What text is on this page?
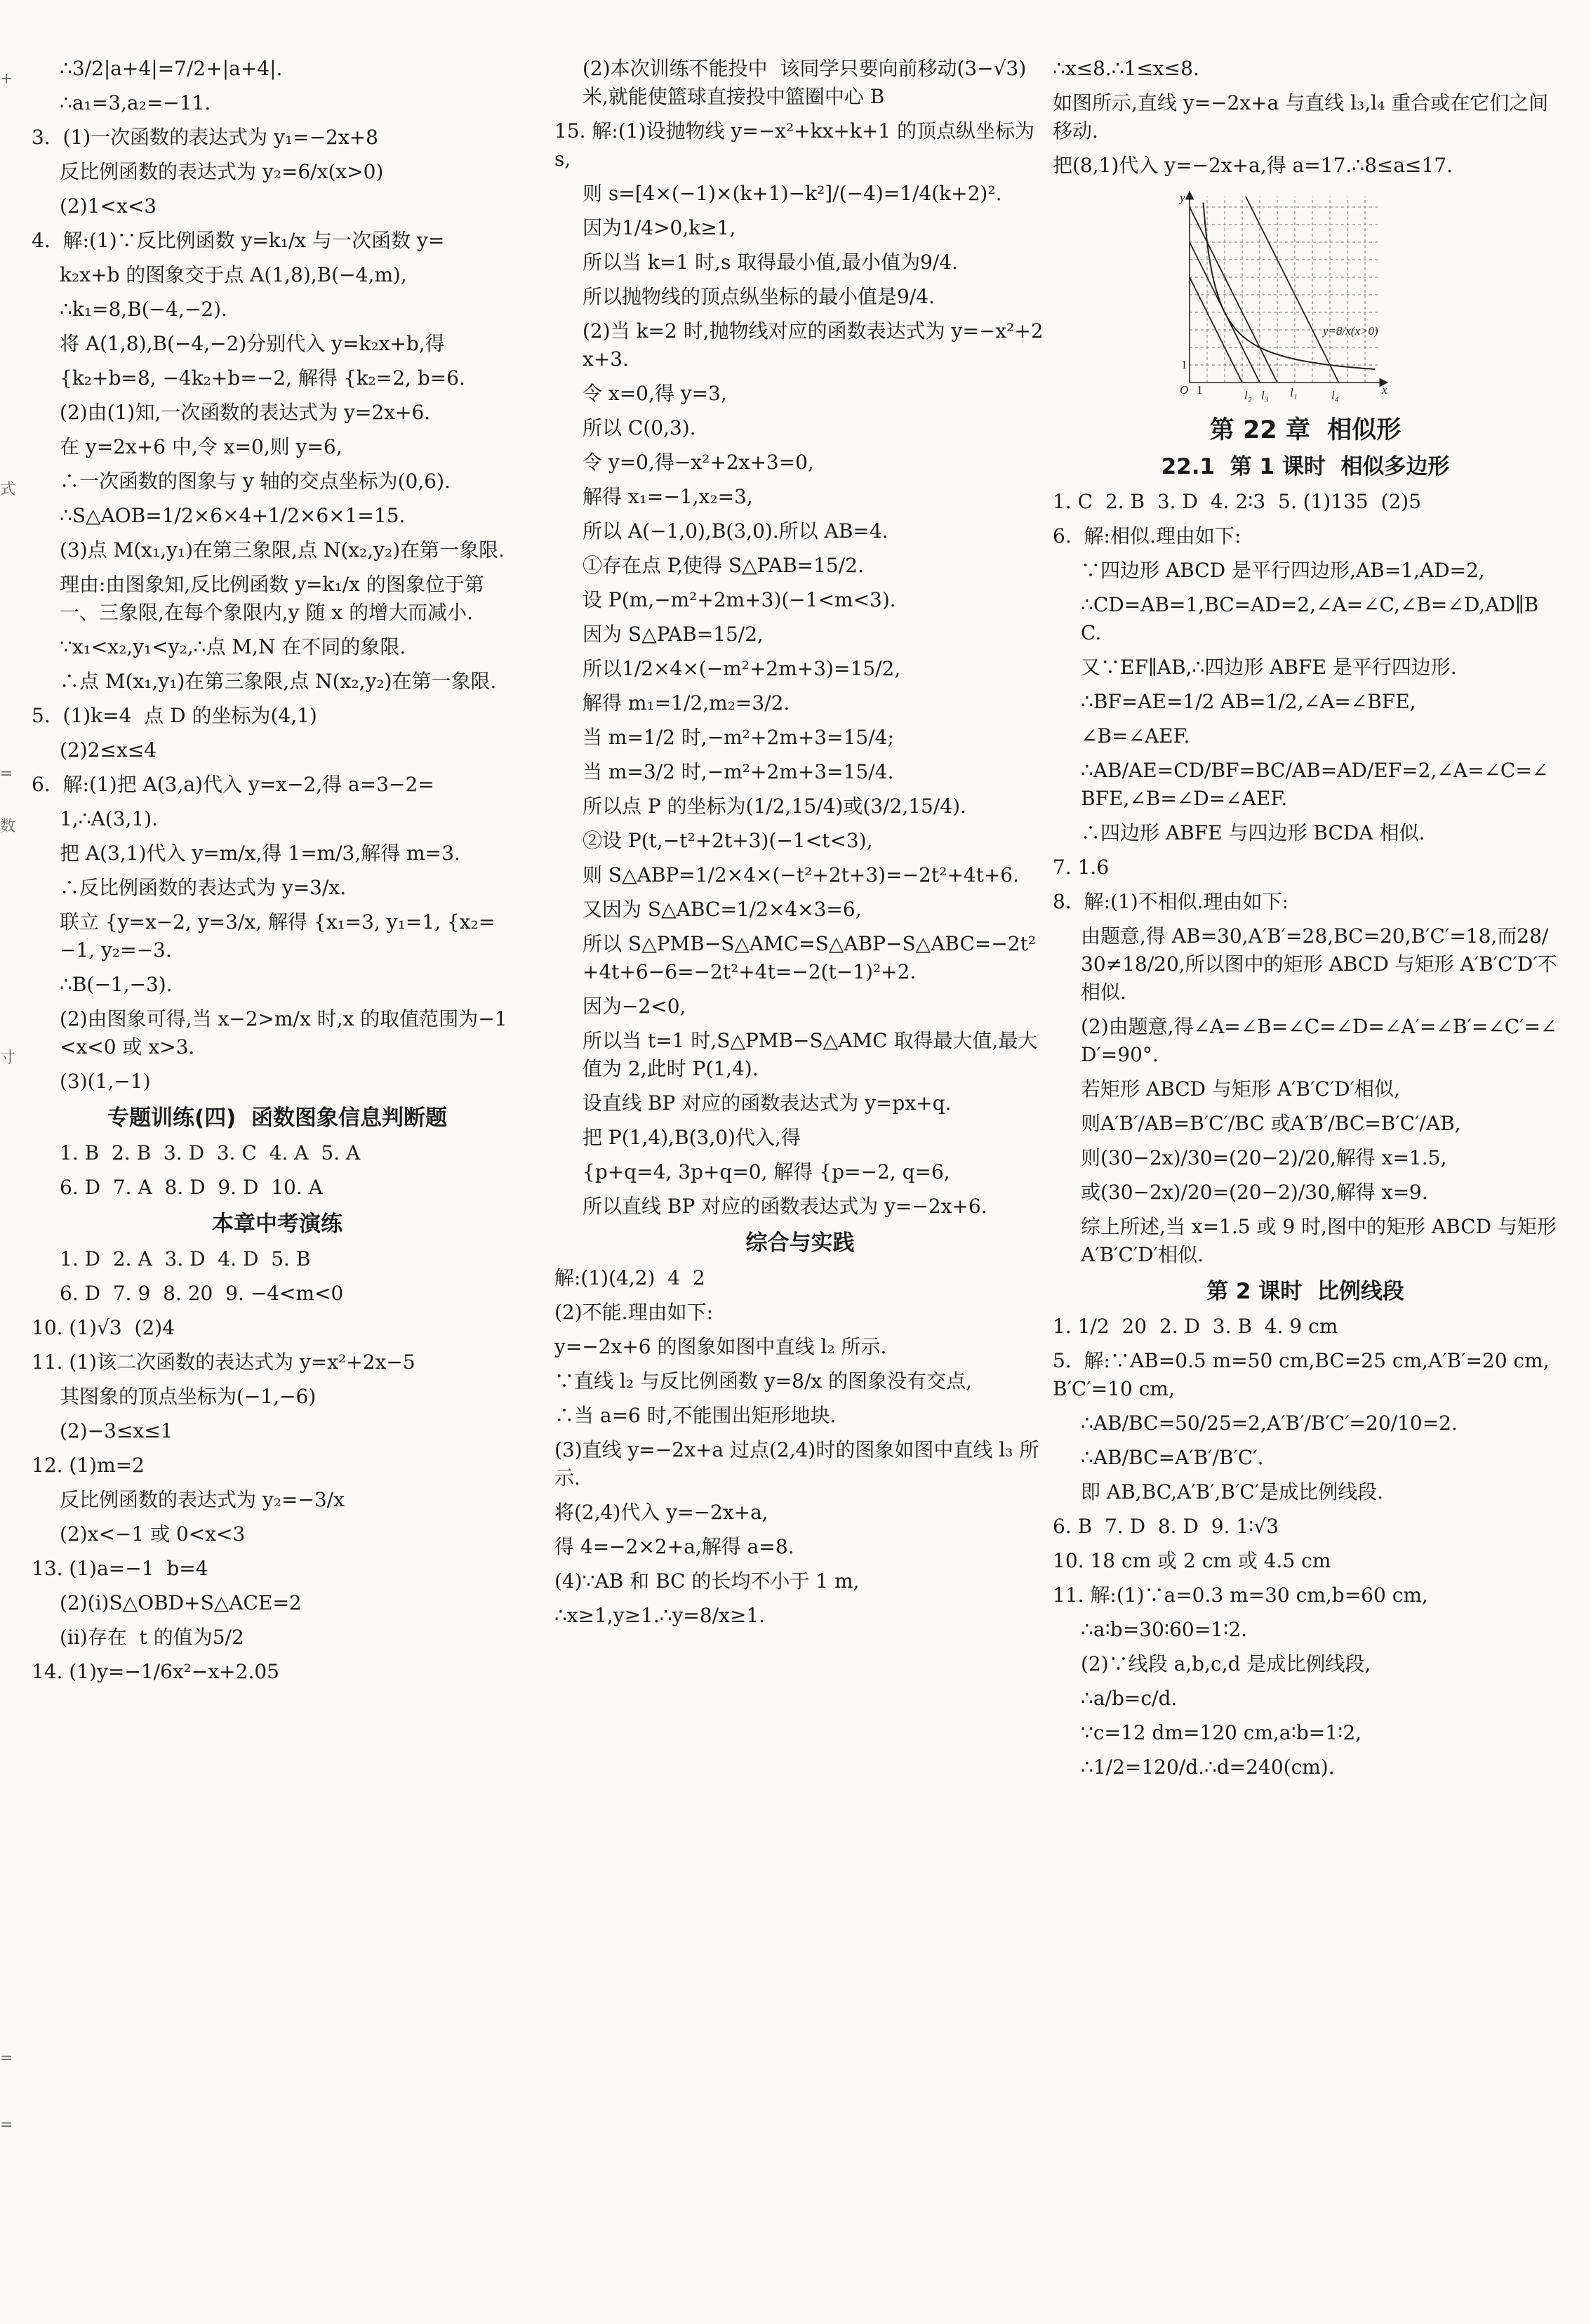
+
式
=
数
寸
=
=

∴3/2|a+4|=7/2+|a+4|.

∴a₁=3,a₂=−11.

3.  (1)一次函数的表达式为 y₁=−2x+8

反比例函数的表达式为 y₂=6/x(x>0)

(2)1<x<3

4.  解:(1)∵反比例函数 y=k₁/x 与一次函数 y=

k₂x+b 的图象交于点 A(1,8),B(−4,m),

∴k₁=8,B(−4,−2).

将 A(1,8),B(−4,−2)分别代入 y=k₂x+b,得

{k₂+b=8, −4k₂+b=−2, 解得 {k₂=2, b=6.

(2)由(1)知,一次函数的表达式为 y=2x+6.

在 y=2x+6 中,令 x=0,则 y=6,

∴一次函数的图象与 y 轴的交点坐标为(0,6).

∴S△AOB=1/2×6×4+1/2×6×1=15.

(3)点 M(x₁,y₁)在第三象限,点 N(x₂,y₂)在第一象限.

理由:由图象知,反比例函数 y=k₁/x 的图象位于第一、三象限,在每个象限内,y 随 x 的增大而减小.

∵x₁<x₂,y₁<y₂,∴点 M,N 在不同的象限.

∴点 M(x₁,y₁)在第三象限,点 N(x₂,y₂)在第一象限.

5.  (1)k=4  点 D 的坐标为(4,1)

(2)2≤x≤4

6.  解:(1)把 A(3,a)代入 y=x−2,得 a=3−2=

1,∴A(3,1).

把 A(3,1)代入 y=m/x,得 1=m/3,解得 m=3.

∴反比例函数的表达式为 y=3/x.

联立 {y=x−2, y=3/x, 解得 {x₁=3, y₁=1, {x₂=−1, y₂=−3.

∴B(−1,−3).

(2)由图象可得,当 x−2>m/x 时,x 的取值范围为−1<x<0 或 x>3.

(3)(1,−1)

专题训练(四)  函数图象信息判断题

1. B  2. B  3. D  3. C  4. A  5. A

6. D  7. A  8. D  9. D  10. A

本章中考演练

1. D  2. A  3. D  4. D  5. B

6. D  7. 9  8. 20  9. −4<m<0

10. (1)√3  (2)4

11. (1)该二次函数的表达式为 y=x²+2x−5

其图象的顶点坐标为(−1,−6)

(2)−3≤x≤1

12. (1)m=2

反比例函数的表达式为 y₂=−3/x

(2)x<−1 或 0<x<3

13. (1)a=−1  b=4

(2)(i)S△OBD+S△ACE=2

(ii)存在  t 的值为5/2

14. (1)y=−1/6x²−x+2.05

(2)本次训练不能投中  该同学只要向前移动(3−√3)米,就能使篮球直接投中篮圈中心 B

15. 解:(1)设抛物线 y=−x²+kx+k+1 的顶点纵坐标为 s,

则 s=[4×(−1)×(k+1)−k²]/(−4)=1/4(k+2)².

因为1/4>0,k≥1,

所以当 k=1 时,s 取得最小值,最小值为9/4.

所以抛物线的顶点纵坐标的最小值是9/4.

(2)当 k=2 时,抛物线对应的函数表达式为 y=−x²+2x+3.

令 x=0,得 y=3,

所以 C(0,3).

令 y=0,得−x²+2x+3=0,

解得 x₁=−1,x₂=3,

所以 A(−1,0),B(3,0).所以 AB=4.

①存在点 P,使得 S△PAB=15/2.

设 P(m,−m²+2m+3)(−1<m<3).

因为 S△PAB=15/2,

所以1/2×4×(−m²+2m+3)=15/2,

解得 m₁=1/2,m₂=3/2.

当 m=1/2 时,−m²+2m+3=15/4;

当 m=3/2 时,−m²+2m+3=15/4.

所以点 P 的坐标为(1/2,15/4)或(3/2,15/4).

②设 P(t,−t²+2t+3)(−1<t<3),

则 S△ABP=1/2×4×(−t²+2t+3)=−2t²+4t+6.

又因为 S△ABC=1/2×4×3=6,

所以 S△PMB−S△AMC=S△ABP−S△ABC=−2t²+4t+6−6=−2t²+4t=−2(t−1)²+2.

因为−2<0,

所以当 t=1 时,S△PMB−S△AMC 取得最大值,最大值为 2,此时 P(1,4).

设直线 BP 对应的函数表达式为 y=px+q.

把 P(1,4),B(3,0)代入,得

{p+q=4, 3p+q=0, 解得 {p=−2, q=6,

所以直线 BP 对应的函数表达式为 y=−2x+6.

综合与实践

解:(1)(4,2)  4  2

(2)不能.理由如下:

y=−2x+6 的图象如图中直线 l₂ 所示.

∵直线 l₂ 与反比例函数 y=8/x 的图象没有交点,

∴当 a=6 时,不能围出矩形地块.

(3)直线 y=−2x+a 过点(2,4)时的图象如图中直线 l₃ 所示.

将(2,4)代入 y=−2x+a,

得 4=−2×2+a,解得 a=8.

(4)∵AB 和 BC 的长均不小于 1 m,

∴x≥1,y≥1.∴y=8/x≥1.

∴x≤8.∴1≤x≤8.

如图所示,直线 y=−2x+a 与直线 l₃,l₄ 重合或在它们之间移动.

把(8,1)代入 y=−2x+a,得 a=17.∴8≤a≤17.

y
x
O
1
1
y=8/x(x>0)
l₂ l₃ l₁	l₄

第 22 章  相似形

22.1  第 1 课时  相似多边形

1. C  2. B  3. D  4. 2∶3  5. (1)135  (2)5

6.  解:相似.理由如下:

∵四边形 ABCD 是平行四边形,AB=1,AD=2,

∴CD=AB=1,BC=AD=2,∠A=∠C,∠B=∠D,AD∥BC.

又∵EF∥AB,∴四边形 ABFE 是平行四边形.

∴BF=AE=1/2 AB=1/2,∠A=∠BFE,

∠B=∠AEF.

∴AB/AE=CD/BF=BC/AB=AD/EF=2,∠A=∠C=∠BFE,∠B=∠D=∠AEF.

∴四边形 ABFE 与四边形 BCDA 相似.

7. 1.6

8.  解:(1)不相似.理由如下:

由题意,得 AB=30,A′B′=28,BC=20,B′C′=18,而28/30≠18/20,所以图中的矩形 ABCD 与矩形 A′B′C′D′不相似.

(2)由题意,得∠A=∠B=∠C=∠D=∠A′=∠B′=∠C′=∠D′=90°.

若矩形 ABCD 与矩形 A′B′C′D′相似,

则A′B′/AB=B′C′/BC 或A′B′/BC=B′C′/AB,

则(30−2x)/30=(20−2)/20,解得 x=1.5,

或(30−2x)/20=(20−2)/30,解得 x=9.

综上所述,当 x=1.5 或 9 时,图中的矩形 ABCD 与矩形 A′B′C′D′相似.

第 2 课时  比例线段

1. 1/2  20  2. D  3. B  4. 9 cm

5.  解:∵AB=0.5 m=50 cm,BC=25 cm,A′B′=20 cm,B′C′=10 cm,

∴AB/BC=50/25=2,A′B′/B′C′=20/10=2.

∴AB/BC=A′B′/B′C′.

即 AB,BC,A′B′,B′C′是成比例线段.

6. B  7. D  8. D  9. 1∶√3

10. 18 cm 或 2 cm 或 4.5 cm

11. 解:(1)∵a=0.3 m=30 cm,b=60 cm,

∴a∶b=30∶60=1∶2.

(2)∵线段 a,b,c,d 是成比例线段,

∴a/b=c/d.

∵c=12 dm=120 cm,a∶b=1∶2,

∴1/2=120/d.∴d=240(cm).
